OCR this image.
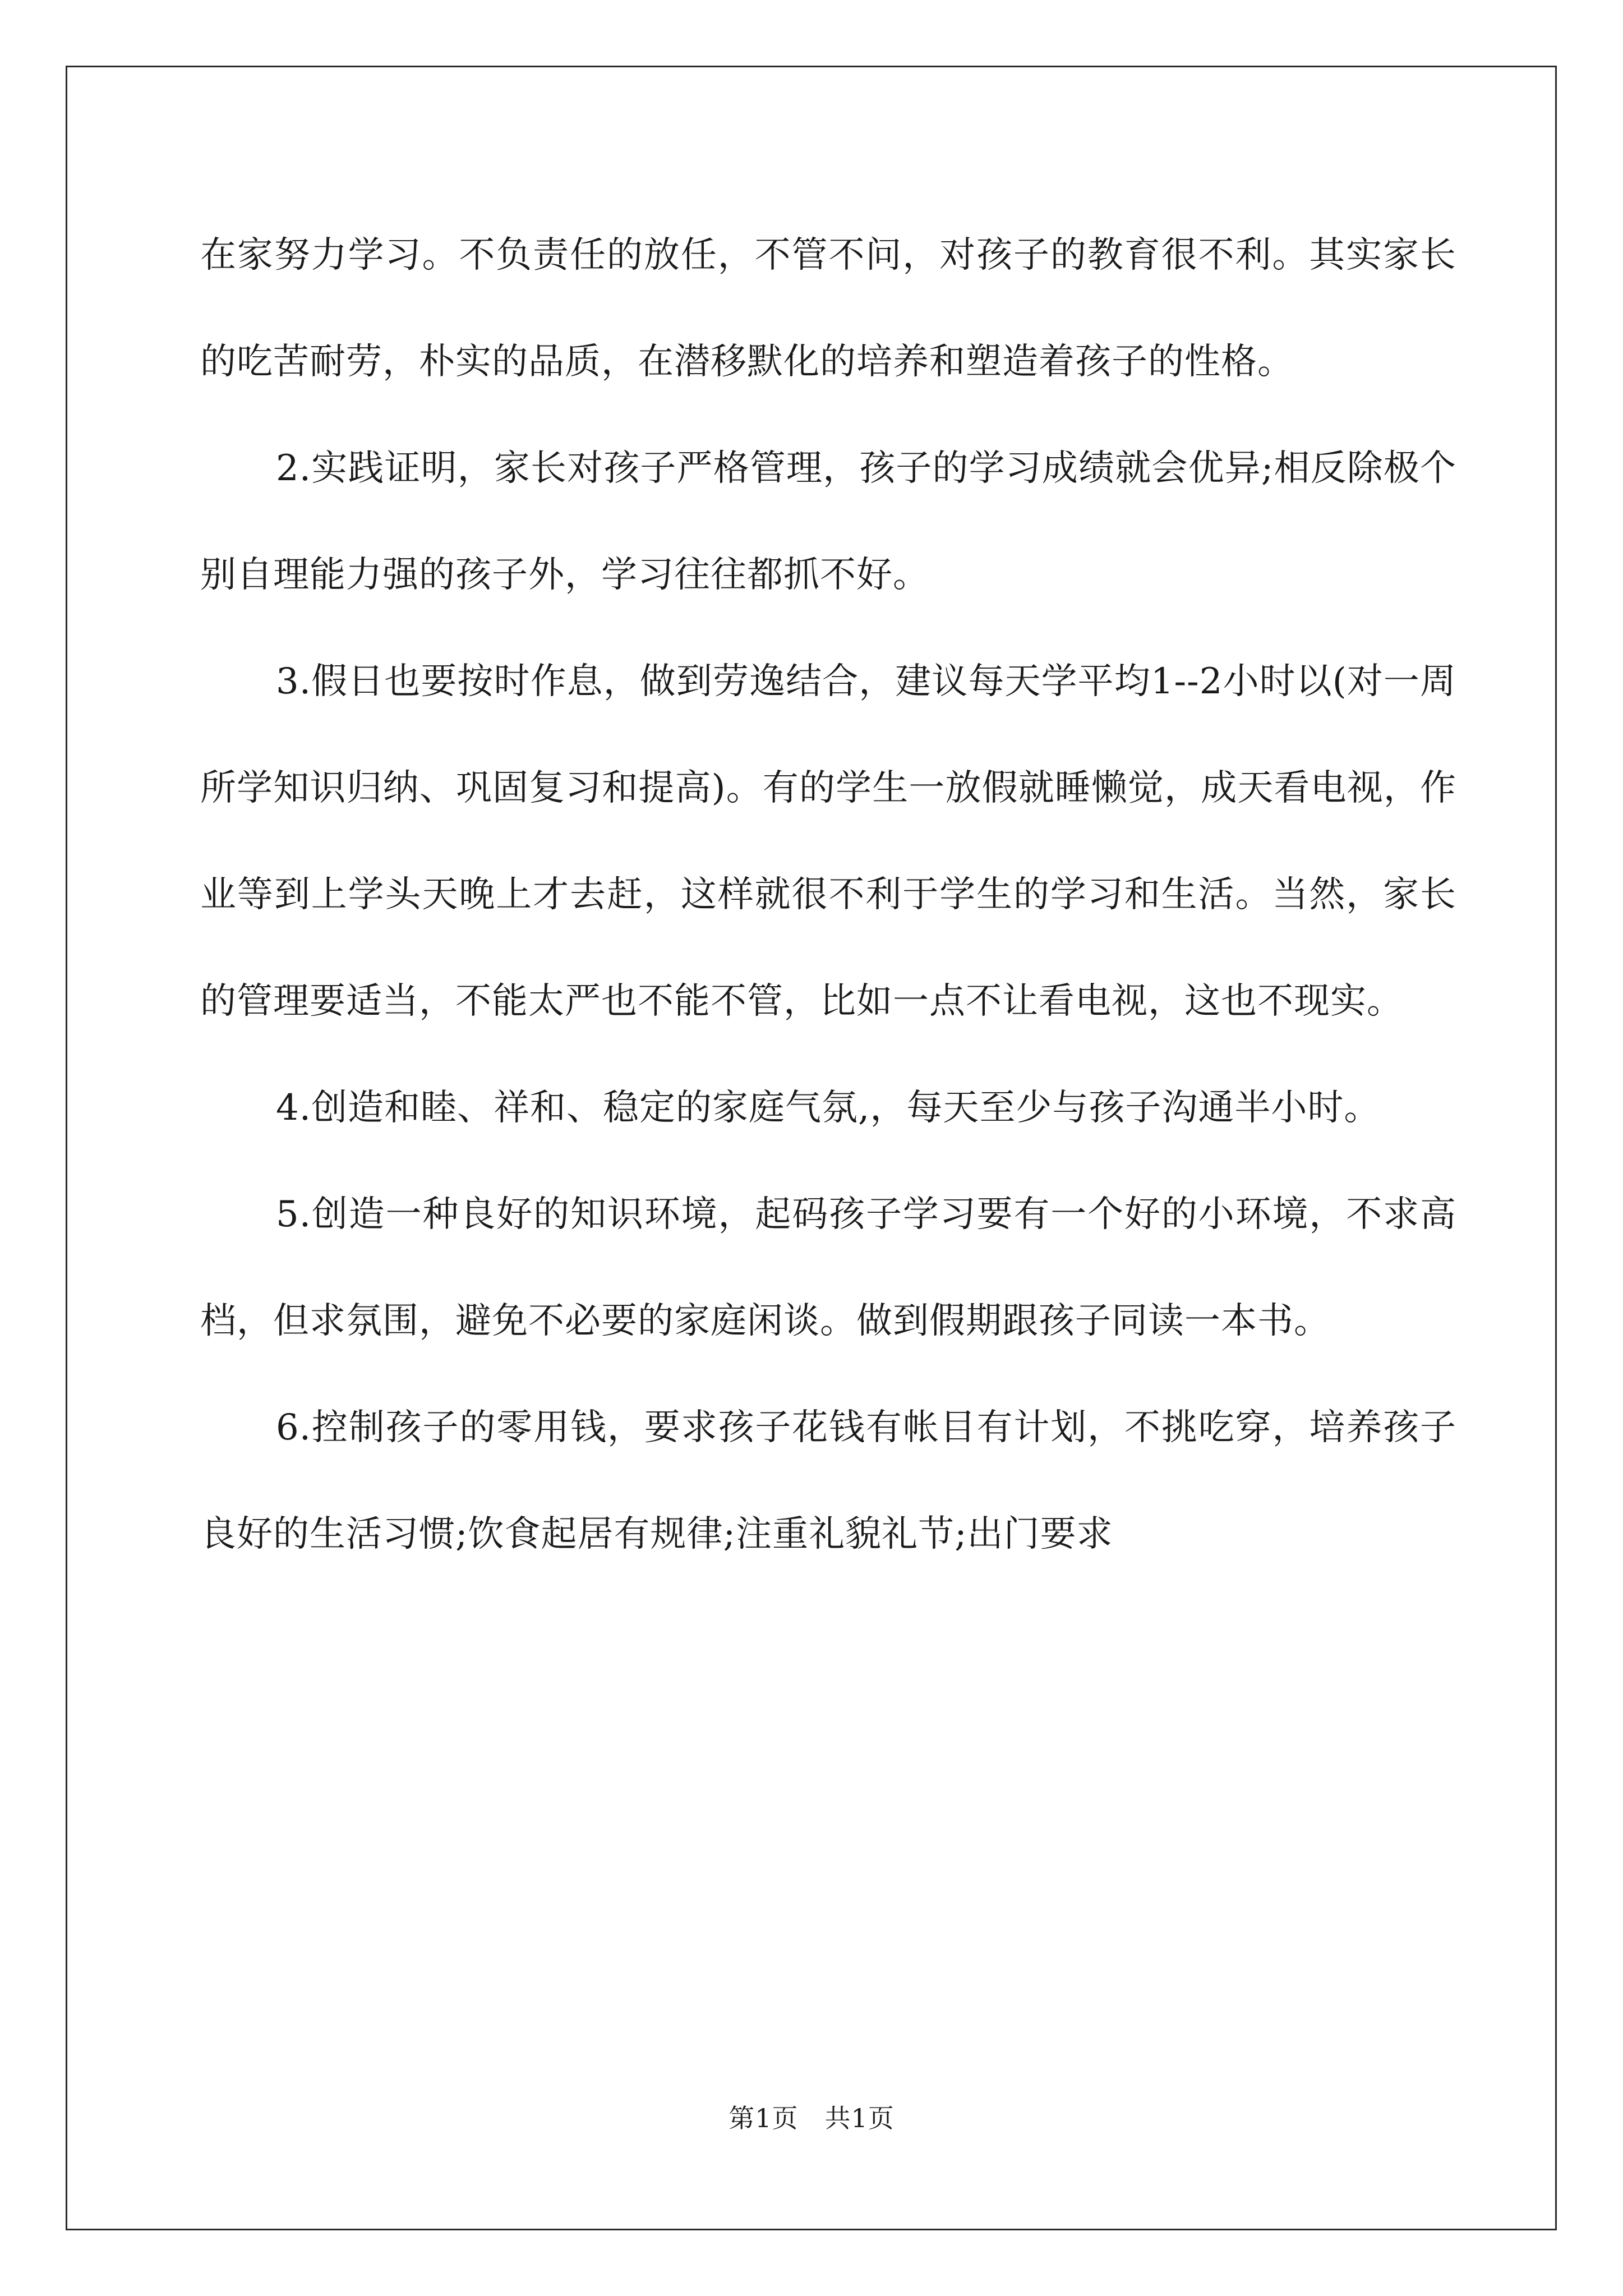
在家努力学习。不负责任的放任，不管不问，对孩子的教育很不利。其实家长的吃苦耐劳，朴实的品质，在潜移默化的培养和塑造着孩子的性格。

2.实践证明，家长对孩子严格管理，孩子的学习成绩就会优异;相反除极个别自理能力强的孩子外，学习往往都抓不好。

3.假日也要按时作息，做到劳逸结合，建议每天学平均1--2小时以(对一周所学知识归纳、巩固复习和提高)。有的学生一放假就睡懒觉，成天看电视，作业等到上学头天晚上才去赶，这样就很不利于学生的学习和生活。当然，家长的管理要适当，不能太严也不能不管，比如一点不让看电视，这也不现实。

4.创造和睦、祥和、稳定的家庭气氛,，每天至少与孩子沟通半小时。

5.创造一种良好的知识环境，起码孩子学习要有一个好的小环境，不求高档，但求氛围，避免不必要的家庭闲谈。做到假期跟孩子同读一本书。

6.控制孩子的零用钱，要求孩子花钱有帐目有计划，不挑吃穿，培养孩子良好的生活习惯;饮食起居有规律;注重礼貌礼节;出门要求

第1页　共1页
